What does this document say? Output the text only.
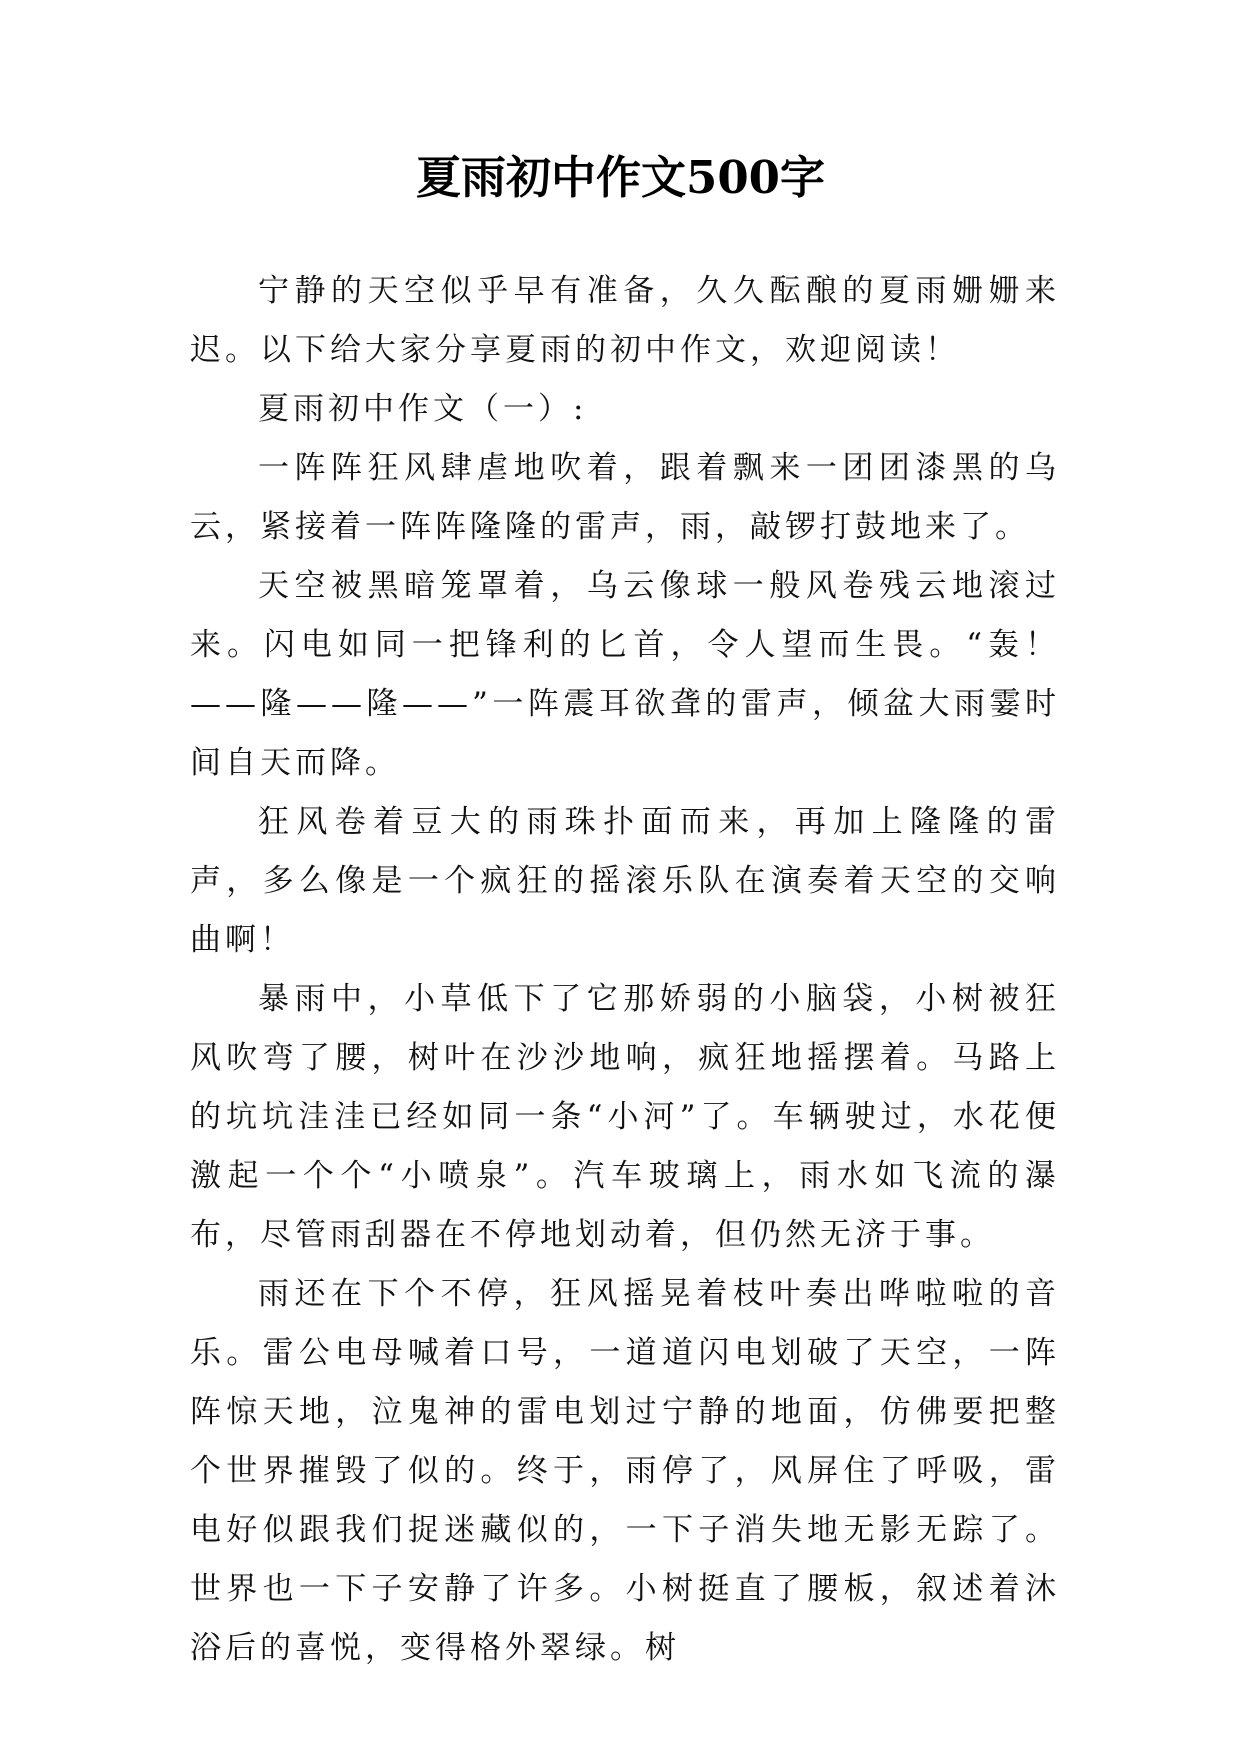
夏雨初中作文500字

宁静的天空似乎早有准备，久久酝酿的夏雨姗姗来迟。以下给大家分享夏雨的初中作文，欢迎阅读！

夏雨初中作文（一）:

一阵阵狂风肆虐地吹着，跟着飘来一团团漆黑的乌云，紧接着一阵阵隆隆的雷声，雨，敲锣打鼓地来了。

天空被黑暗笼罩着，乌云像球一般风卷残云地滚过来。闪电如同一把锋利的匕首，令人望而生畏。“轰！——隆——隆——”一阵震耳欲聋的雷声，倾盆大雨霎时间自天而降。

狂风卷着豆大的雨珠扑面而来，再加上隆隆的雷声，多么像是一个疯狂的摇滚乐队在演奏着天空的交响曲啊！

暴雨中，小草低下了它那娇弱的小脑袋，小树被狂风吹弯了腰，树叶在沙沙地响，疯狂地摇摆着。马路上的坑坑洼洼已经如同一条“小河”了。车辆驶过，水花便激起一个个“小喷泉”。汽车玻璃上，雨水如飞流的瀑布，尽管雨刮器在不停地划动着，但仍然无济于事。

雨还在下个不停，狂风摇晃着枝叶奏出哗啦啦的音乐。雷公电母喊着口号，一道道闪电划破了天空，一阵阵惊天地，泣鬼神的雷电划过宁静的地面，仿佛要把整个世界摧毁了似的。终于，雨停了，风屏住了呼吸，雷电好似跟我们捉迷藏似的，一下子消失地无影无踪了。世界也一下子安静了许多。小树挺直了腰板，叙述着沐浴后的喜悦，变得格外翠绿。树
